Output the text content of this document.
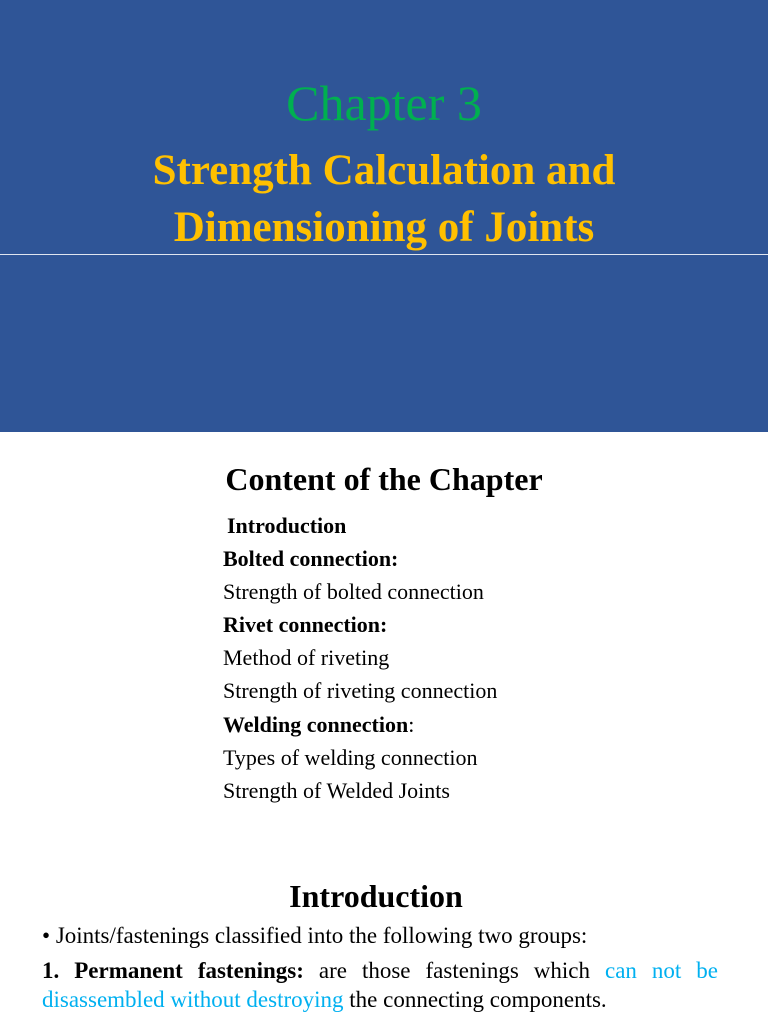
Chapter 3
Strength Calculation and
Dimensioning of Joints
Content of the Chapter
Introduction
Bolted connection:
Strength of bolted connection
Rivet connection:
Method of riveting
Strength of riveting connection
Welding connection:
Types of welding connection
Strength of Welded Joints
Introduction
• Joints/fastenings classified into the following two groups:
1. Permanent fastenings: are those fastenings which can not be disassembled without destroying the connecting components.
